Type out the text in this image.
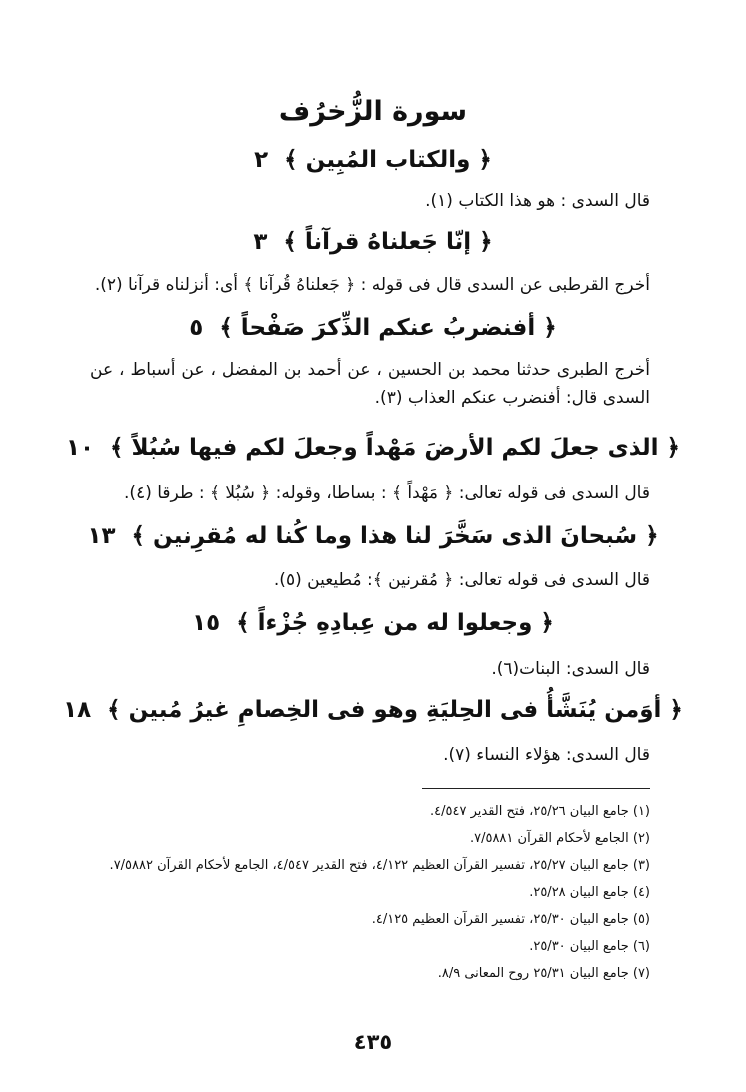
سورة الزُّخرُف
﴿ والكتاب المُبِين ﴾ ٢
قال السدى : هو هذا الكتاب (١).
﴿ إنّا جَعلناهُ قرآناً ﴾ ٣
أخرج القرطبى عن السدى قال فى قوله : ﴿ جَعلناهُ قُرآنا ﴾ أى: أنزلناه قرآنا (٢).
﴿ أفنضربُ عنكم الذِّكرَ صَفْحاً ﴾ ٥
أخرج الطبرى حدثنا محمد بن الحسين ، عن أحمد بن المفضل ، عن أسباط ، عن السدى قال: أفنضرب عنكم العذاب (٣).
﴿ الذى جعلَ لكم الأرضَ مَهْداً وجعلَ لكم فيها سُبُلاً ﴾ ١٠
قال السدى فى قوله تعالى: ﴿ مَهْداً ﴾ : بساطا، وقوله: ﴿ سُبُلا ﴾ : طرقا (٤).
﴿ سُبحانَ الذى سَخَّرَ لنا هذا وما كُنا له مُقرِنين ﴾ ١٣
قال السدى فى قوله تعالى: ﴿ مُقرنين ﴾: مُطيعين (٥).
﴿ وجعلوا له من عِبادِهِ جُزْءاً ﴾ ١٥
قال السدى: البنات(٦).
﴿ أوَمن يُنَشَّأُ فى الحِليَةِ وهو فى الخِصامِ غيرُ مُبين ﴾ ١٨
قال السدى: هؤلاء النساء (٧).
(١) جامع البيان ٢٥/٢٦، فتح القدير ٤/٥٤٧.
(٢) الجامع لأحكام القرآن ٧/٥٨٨١.
(٣) جامع البيان ٢٥/٢٧، تفسير القرآن العظيم ٤/١٢٢، فتح القدير ٤/٥٤٧، الجامع لأحكام القرآن ٧/٥٨٨٢.
(٤) جامع البيان ٢٥/٢٨.
(٥) جامع البيان ٢٥/٣٠، تفسير القرآن العظيم ٤/١٢٥.
(٦) جامع البيان ٢٥/٣٠.
(٧) جامع البيان ٢٥/٣١ روح المعانى ٨/٩.
٤٣٥
